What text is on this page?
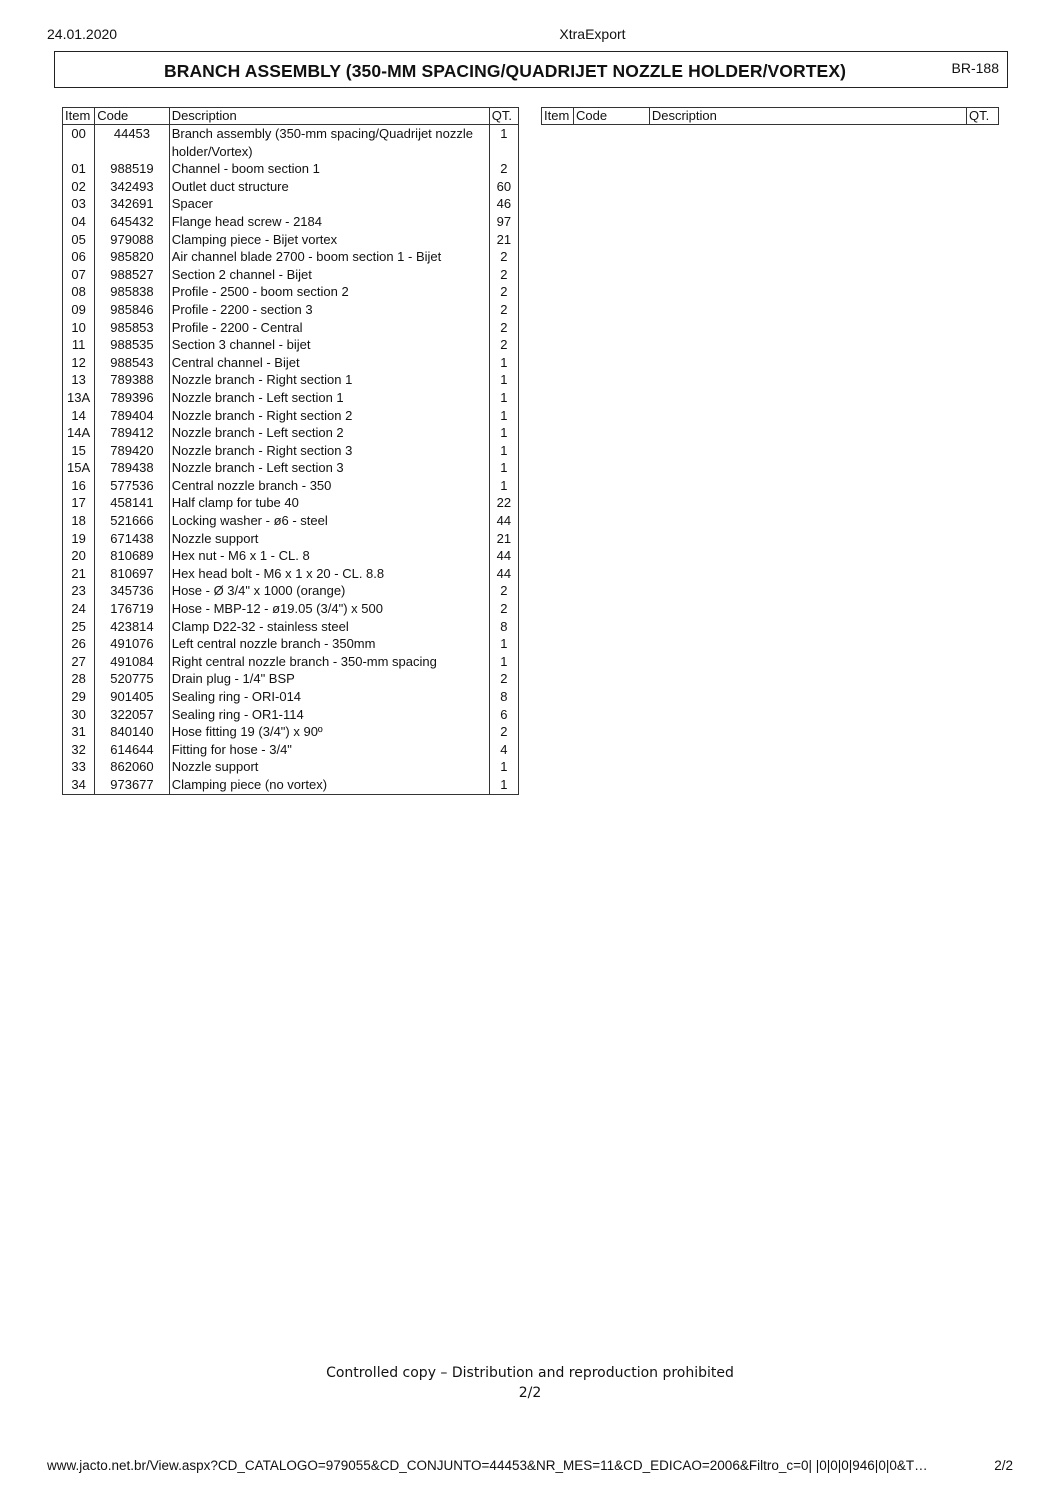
24.01.2020	XtraExport
BRANCH ASSEMBLY (350-MM SPACING/QUADRIJET NOZZLE HOLDER/VORTEX)	BR-188
Item	Code	Description	QT.
00	44453	Branch assembly (350-mm spacing/Quadrijet nozzle holder/Vortex)	1
01	988519	Channel - boom section 1	2
02	342493	Outlet duct structure	60
03	342691	Spacer	46
04	645432	Flange head screw - 2184	97
05	979088	Clamping piece - Bijet vortex	21
06	985820	Air channel blade 2700 - boom section 1 - Bijet	2
07	988527	Section 2 channel - Bijet	2
08	985838	Profile - 2500 - boom section 2	2
09	985846	Profile - 2200 - section 3	2
10	985853	Profile - 2200 - Central	2
11	988535	Section 3 channel - bijet	2
12	988543	Central channel - Bijet	1
13	789388	Nozzle branch - Right section 1	1
13A	789396	Nozzle branch - Left section 1	1
14	789404	Nozzle branch - Right section 2	1
14A	789412	Nozzle branch - Left section 2	1
15	789420	Nozzle branch - Right section 3	1
15A	789438	Nozzle branch - Left section 3	1
16	577536	Central nozzle branch - 350	1
17	458141	Half clamp for tube 40	22
18	521666	Locking washer - ø6 - steel	44
19	671438	Nozzle support	21
20	810689	Hex nut - M6 x 1 - CL. 8	44
21	810697	Hex head bolt - M6 x 1 x 20 - CL. 8.8	44
23	345736	Hose - Ø 3/4" x 1000 (orange)	2
24	176719	Hose - MBP-12 - ø19.05 (3/4") x 500	2
25	423814	Clamp D22-32 - stainless steel	8
26	491076	Left central nozzle branch - 350mm	1
27	491084	Right central nozzle branch - 350-mm spacing	1
28	520775	Drain plug - 1/4" BSP	2
29	901405	Sealing ring - ORI-014	8
30	322057	Sealing ring - OR1-114	6
31	840140	Hose fitting 19 (3/4") x 90º	2
32	614644	Fitting for hose - 3/4"	4
33	862060	Nozzle support	1
34	973677	Clamping piece (no vortex)	1
Item	Code	Description	QT.
Controlled copy – Distribution and reproduction prohibited
2/2
www.jacto.net.br/View.aspx?CD_CATALOGO=979055&CD_CONJUNTO=44453&NR_MES=11&CD_EDICAO=2006&Filtro_c=0| |0|0|0|946|0|0&T…	2/2
